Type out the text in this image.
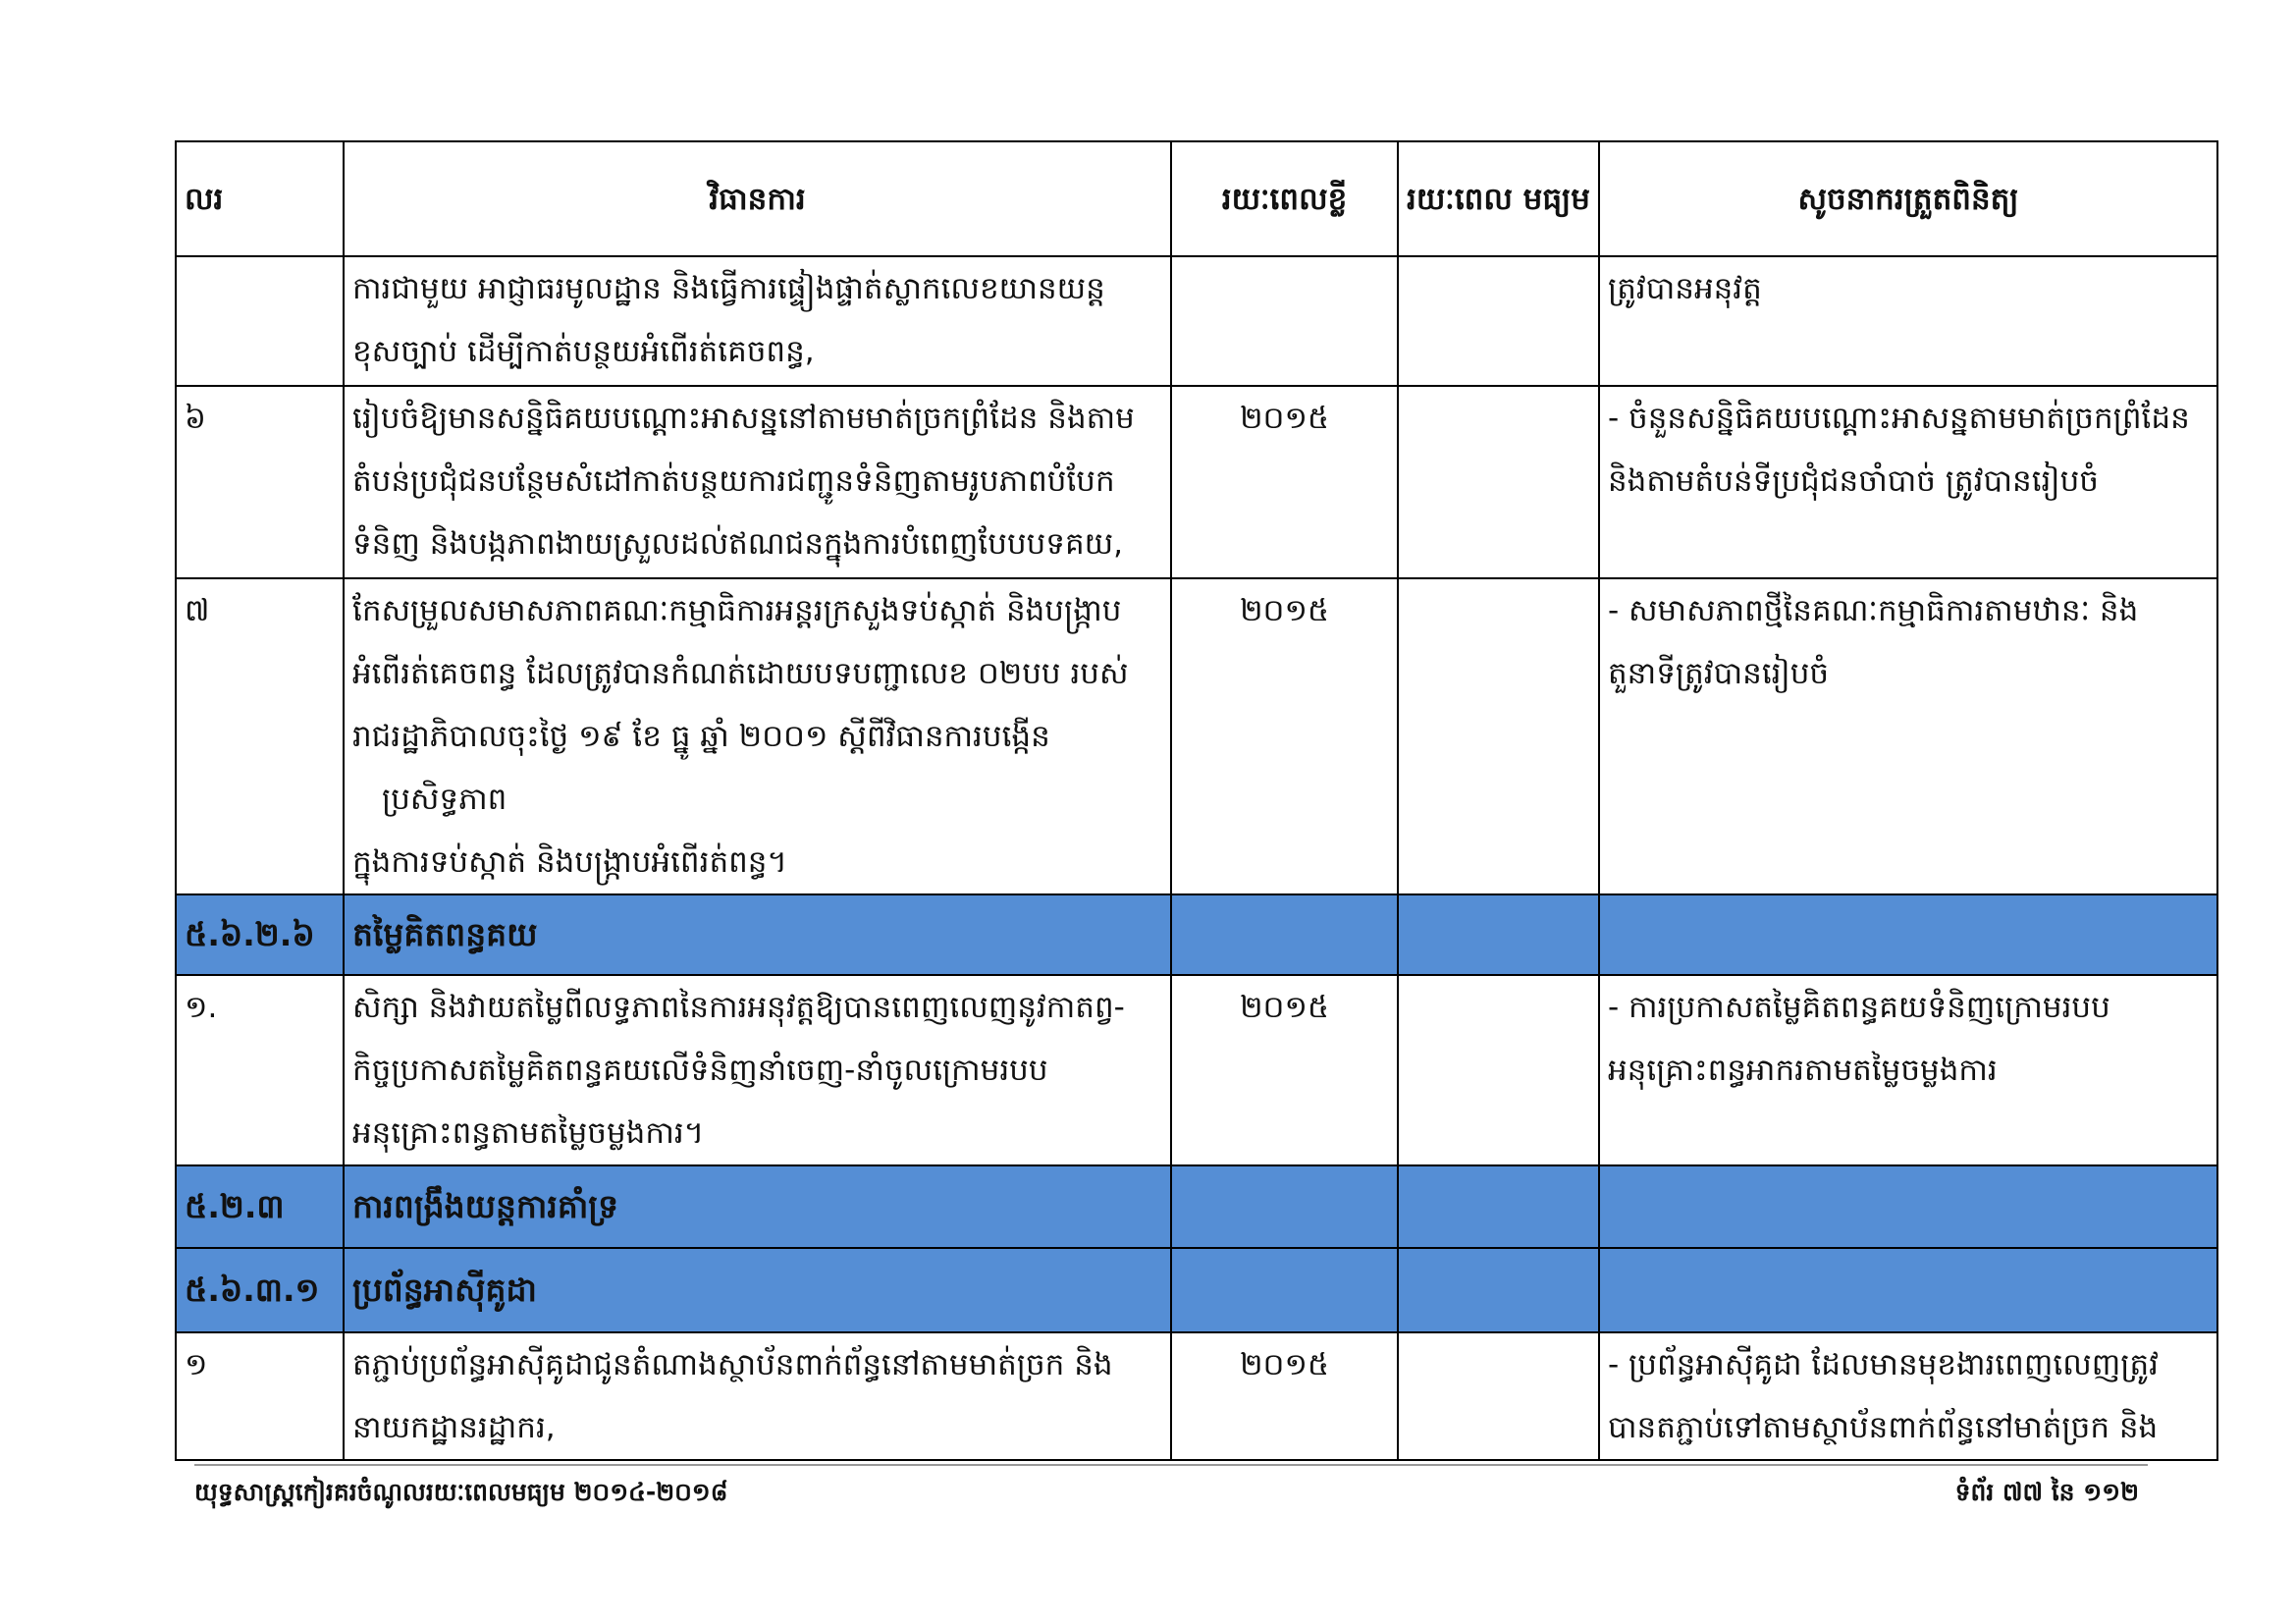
លរ	វិធានការ	រយៈពេលខ្លី	រយៈពេល មធ្យម	សូចនាករត្រួតពិនិត្យ

	ការជាមួយ អាជ្ញាធរមូលដ្ឋាន និងធ្វើការផ្ទៀងផ្ទាត់ស្លាកលេខយានយន្ត
ខុសច្បាប់ ដើម្បីកាត់បន្ថយអំពើរត់គេចពន្ធ,			ត្រូវបានអនុវត្ត

៦	រៀបចំឱ្យមានសន្និធិគយបណ្តោះអាសន្ននៅតាមមាត់ច្រកព្រំដែន និងតាម
តំបន់ប្រជុំជនបន្ថែមសំដៅកាត់បន្ថយការជញ្ជូនទំនិញតាមរូបភាពបំបែក
ទំនិញ និងបង្កភាពងាយស្រួលដល់ឥណជនក្នុងការបំពេញបែបបទគយ,	២០១៥		- ចំនួនសន្និធិគយបណ្តោះអាសន្នតាមមាត់ច្រកព្រំដែន
និងតាមតំបន់ទីប្រជុំជនចាំបាច់ ត្រូវបានរៀបចំ

៧	កែសម្រួលសមាសភាពគណៈកម្មាធិការអន្តរក្រសួងទប់ស្កាត់ និងបង្ក្រាប
អំពើរត់គេចពន្ធ ដែលត្រូវបានកំណត់ដោយបទបញ្ជាលេខ ០២បប របស់
រាជរដ្ឋាភិបាលចុះថ្ងៃ ១៩ ខែ ធ្នូ ឆ្នាំ ២០០១ ស្តីពីវិធានការបង្កើនប្រសិទ្ធភាព
ក្នុងការទប់ស្កាត់ និងបង្ក្រាបអំពើរត់ពន្ធ។	២០១៥		- សមាសភាពថ្មីនៃគណៈកម្មាធិការតាមឋានៈ និង
តួនាទីត្រូវបានរៀបចំ

៥.៦.២.៦	តម្លៃគិតពន្ធគយ			
១.	សិក្សា និងវាយតម្លៃពីលទ្ធភាពនៃការអនុវត្តឱ្យបានពេញលេញនូវកាតព្វ-
កិច្ចប្រកាសតម្លៃគិតពន្ធគយលើទំនិញនាំចេញ-នាំចូលក្រោមរបប
អនុគ្រោះពន្ធតាមតម្លៃចម្លងការ។	២០១៥		- ការប្រកាសតម្លៃគិតពន្ធគយទំនិញក្រោមរបប
អនុគ្រោះពន្ធអាករតាមតម្លៃចម្លងការ

៥.២.៣	ការពង្រឹងយន្តការគាំទ្រ			
៥.៦.៣.១	ប្រព័ន្ធអាស៊ីគូដា			
១	តភ្ជាប់ប្រព័ន្ធអាស៊ីគូដាជូនតំណាងស្ថាប័នពាក់ព័ន្ធនៅតាមមាត់ច្រក និង
នាយកដ្ឋានរដ្ឋាករ,	២០១៥		- ប្រព័ន្ធអាស៊ីគូដា ដែលមានមុខងារពេញលេញត្រូវ
បានតភ្ជាប់ទៅតាមស្ថាប័នពាក់ព័ន្ធនៅមាត់ច្រក និង
យុទ្ធសាស្ត្រកៀរគរចំណូលរយៈពេលមធ្យម ២០១៤-២០១៨	ទំព័រ ៧៧ នៃ ១១២
